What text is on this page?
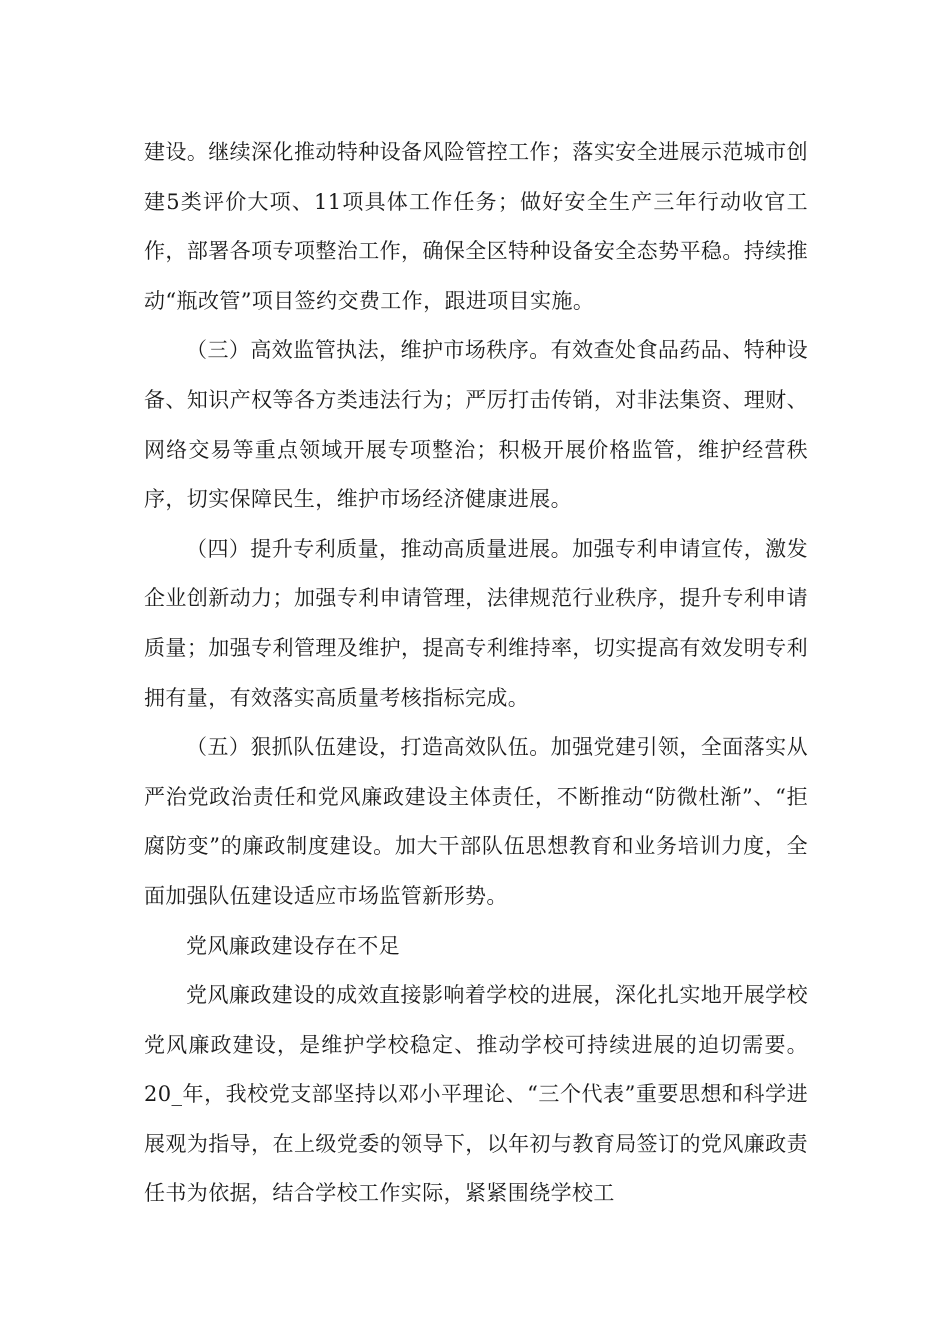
建设。继续深化推动特种设备风险管控工作；落实安全进展示范城市创建5类评价大项、11项具体工作任务；做好安全生产三年行动收官工作，部署各项专项整治工作，确保全区特种设备安全态势平稳。持续推动“瓶改管”项目签约交费工作，跟进项目实施。

（三）高效监管执法，维护市场秩序。有效查处食品药品、特种设备、知识产权等各方类违法行为；严厉打击传销，对非法集资、理财、网络交易等重点领域开展专项整治；积极开展价格监管，维护经营秩序，切实保障民生，维护市场经济健康进展。

（四）提升专利质量，推动高质量进展。加强专利申请宣传，激发企业创新动力；加强专利申请管理，法律规范行业秩序，提升专利申请质量；加强专利管理及维护，提高专利维持率，切实提高有效发明专利拥有量，有效落实高质量考核指标完成。

（五）狠抓队伍建设，打造高效队伍。加强党建引领，全面落实从严治党政治责任和党风廉政建设主体责任，不断推动“防微杜渐”、“拒腐防变”的廉政制度建设。加大干部队伍思想教育和业务培训力度，全面加强队伍建设适应市场监管新形势。

党风廉政建设存在不足

党风廉政建设的成效直接影响着学校的进展，深化扎实地开展学校党风廉政建设，是维护学校稳定、推动学校可持续进展的迫切需要。20_年，我校党支部坚持以邓小平理论、“三个代表”重要思想和科学进展观为指导，在上级党委的领导下，以年初与教育局签订的党风廉政责任书为依据，结合学校工作实际，紧紧围绕学校工
